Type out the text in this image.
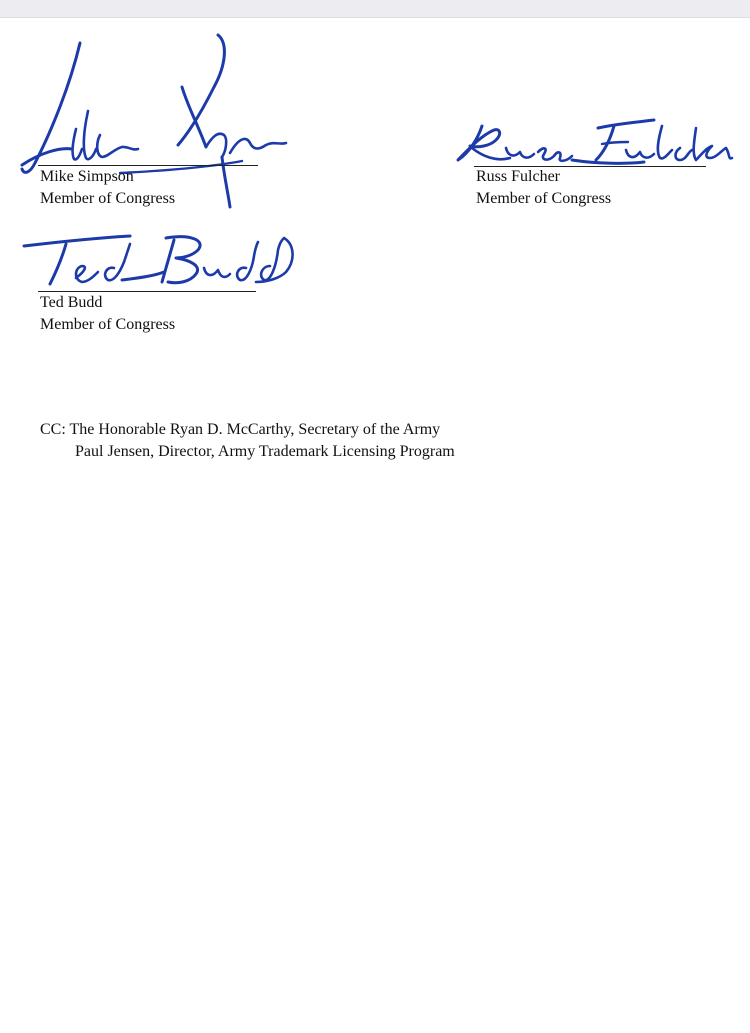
Mike Simpson
Member of Congress
Russ Fulcher
Member of Congress
Ted Budd
Member of Congress
CC: The Honorable Ryan D. McCarthy, Secretary of the Army
Paul Jensen, Director, Army Trademark Licensing Program
